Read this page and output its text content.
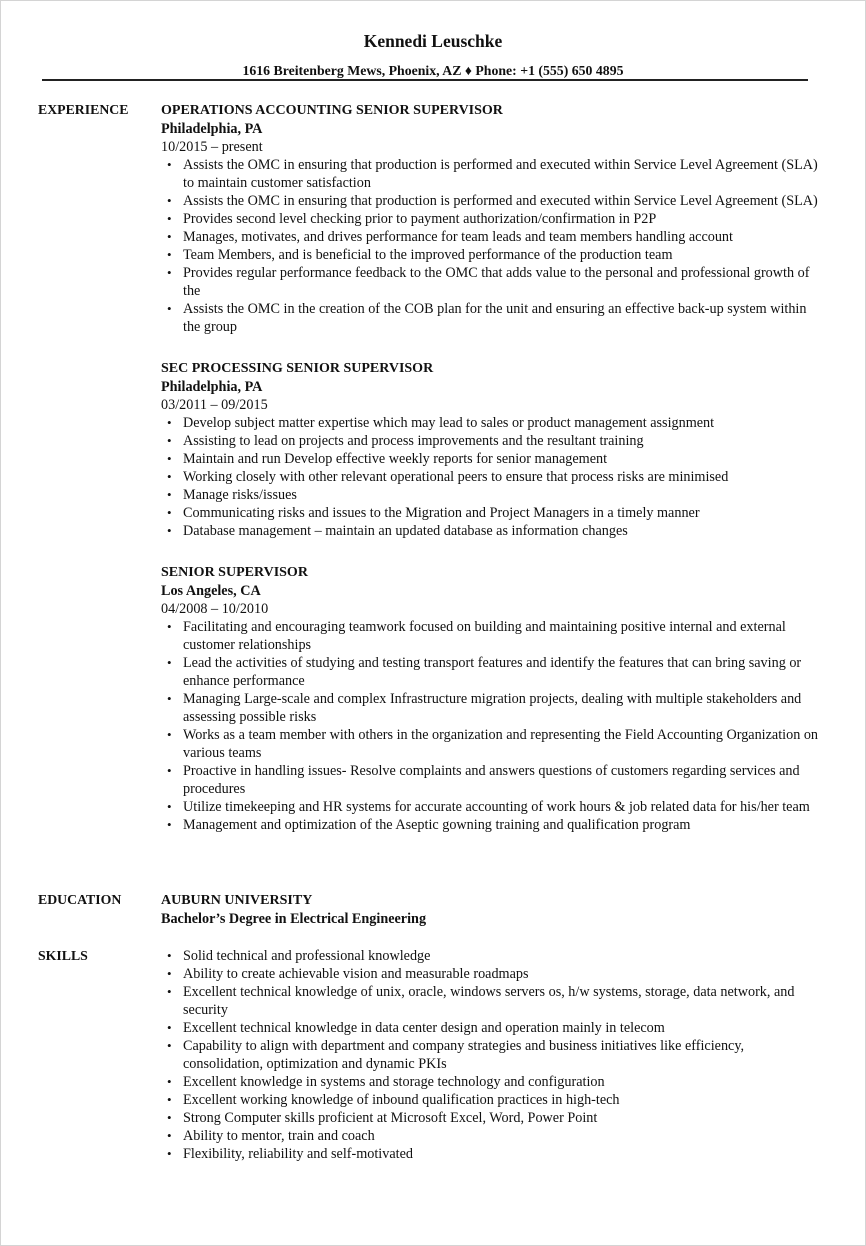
Kennedi Leuschke
1616 Breitenberg Mews, Phoenix, AZ ♦ Phone: +1 (555) 650 4895
EXPERIENCE OPERATIONS ACCOUNTING SENIOR SUPERVISOR
Philadelphia, PA
10/2015 – present
• Assists the OMC in ensuring that production is performed and executed within Service Level Agreement (SLA) to maintain customer satisfaction
• Assists the OMC in ensuring that production is performed and executed within Service Level Agreement (SLA)
• Provides second level checking prior to payment authorization/confirmation in P2P
• Manages, motivates, and drives performance for team leads and team members handling account
• Team Members, and is beneficial to the improved performance of the production team
• Provides regular performance feedback to the OMC that adds value to the personal and professional growth of the
• Assists the OMC in the creation of the COB plan for the unit and ensuring an effective back-up system within the group
SEC PROCESSING SENIOR SUPERVISOR
Philadelphia, PA
03/2011 – 09/2015
• Develop subject matter expertise which may lead to sales or product management assignment
• Assisting to lead on projects and process improvements and the resultant training
• Maintain and run Develop effective weekly reports for senior management
• Working closely with other relevant operational peers to ensure that process risks are minimised
• Manage risks/issues
• Communicating risks and issues to the Migration and Project Managers in a timely manner
• Database management – maintain an updated database as information changes
SENIOR SUPERVISOR
Los Angeles, CA
04/2008 – 10/2010
• Facilitating and encouraging teamwork focused on building and maintaining positive internal and external customer relationships
• Lead the activities of studying and testing transport features and identify the features that can bring saving or enhance performance
• Managing Large-scale and complex Infrastructure migration projects, dealing with multiple stakeholders and assessing possible risks
• Works as a team member with others in the organization and representing the Field Accounting Organization on various teams
• Proactive in handling issues- Resolve complaints and answers questions of customers regarding services and procedures
• Utilize timekeeping and HR systems for accurate accounting of work hours & job related data for his/her team
• Management and optimization of the Aseptic gowning training and qualification program
EDUCATION	AUBURN UNIVERSITY
Bachelor’s Degree in Electrical Engineering
SKILLS
•	Solid technical and professional knowledge
• Ability to create achievable vision and measurable roadmaps
• Excellent technical knowledge of unix, oracle, windows servers os, h/w systems, storage, data network, and security
• Excellent technical knowledge in data center design and operation mainly in telecom
• Capability to align with department and company strategies and business initiatives like efficiency, consolidation, optimization and dynamic PKIs
• Excellent knowledge in systems and storage technology and configuration
• Excellent working knowledge of inbound qualification practices in high-tech
• Strong Computer skills proficient at Microsoft Excel, Word, Power Point
• Ability to mentor, train and coach
• Flexibility, reliability and self-motivated
